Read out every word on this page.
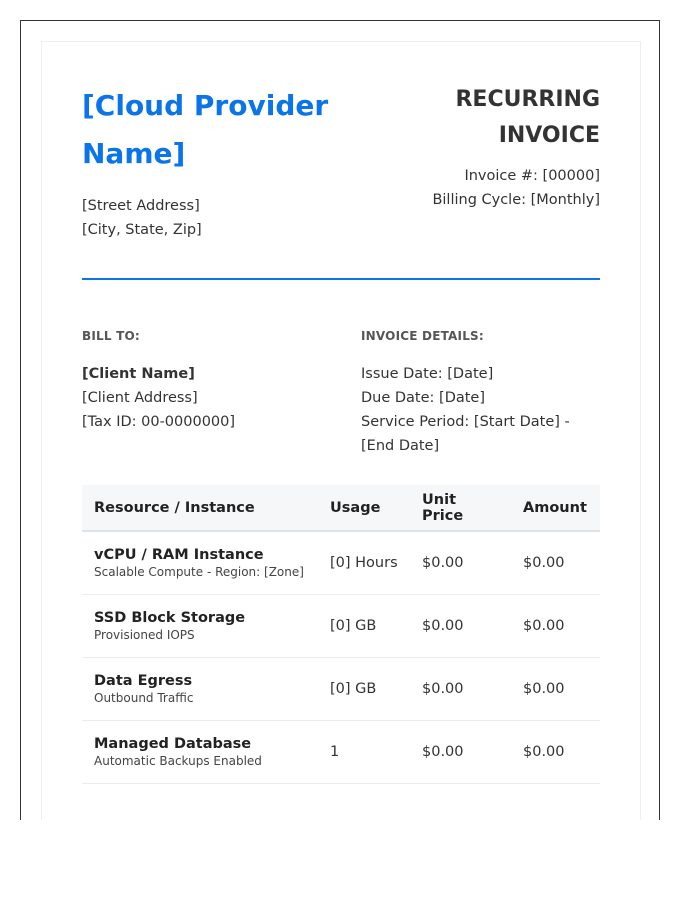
[Cloud Provider Name]
[Street Address]
[City, State, Zip]
RECURRING INVOICE
Invoice #: [00000]
Billing Cycle: [Monthly]
BILL TO:
[Client Name]
[Client Address]
[Tax ID: 00-0000000]
INVOICE DETAILS:
Issue Date: [Date]
Due Date: [Date]
Service Period: [Start Date] - [End Date]
Resource / Instance	Usage	Unit Price	Amount

vCPU / RAM Instance
Scalable Compute - Region: [Zone]	[0] Hours	$0.00	$0.00

SSD Block Storage
Provisioned IOPS	[0] GB	$0.00	$0.00

Data Egress
Outbound Traffic	[0] GB	$0.00	$0.00

Managed Database
Automatic Backups Enabled	1	$0.00	$0.00
